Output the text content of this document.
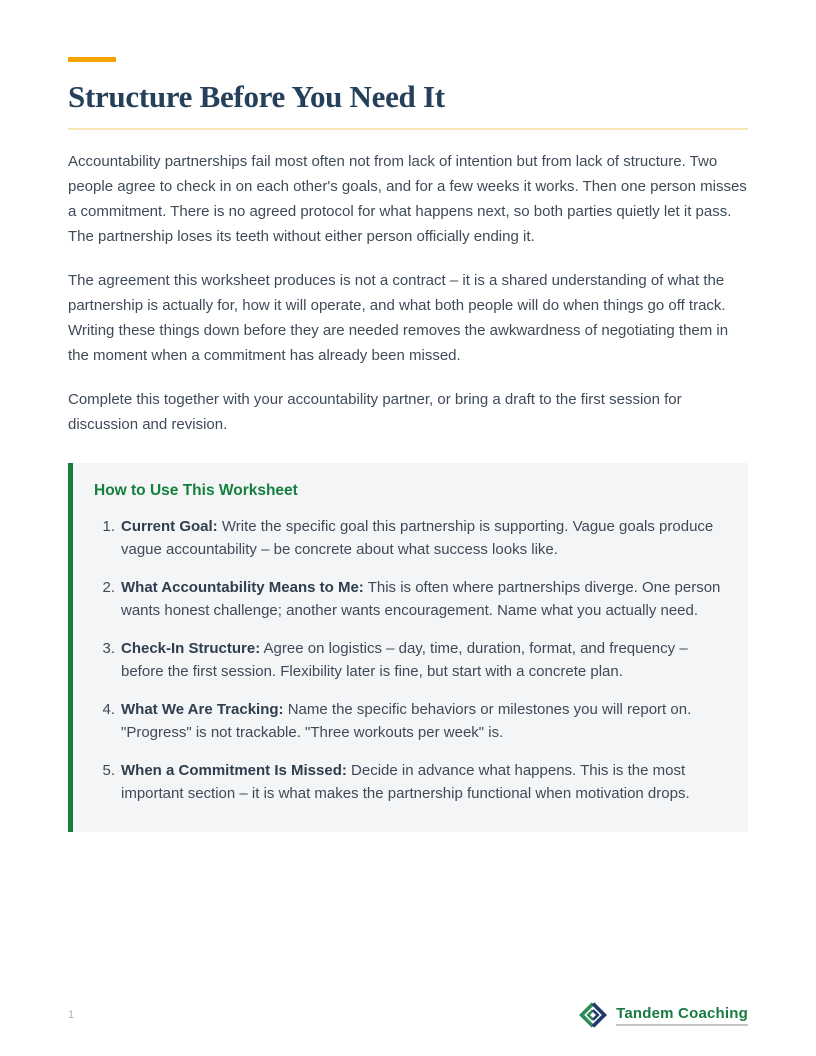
Structure Before You Need It

Accountability partnerships fail most often not from lack of intention but from lack of structure. Two people agree to check in on each other's goals, and for a few weeks it works. Then one person misses a commitment. There is no agreed protocol for what happens next, so both parties quietly let it pass. The partnership loses its teeth without either person officially ending it.

The agreement this worksheet produces is not a contract – it is a shared understanding of what the partnership is actually for, how it will operate, and what both people will do when things go off track. Writing these things down before they are needed removes the awkwardness of negotiating them in the moment when a commitment has already been missed.

Complete this together with your accountability partner, or bring a draft to the first session for discussion and revision.

How to Use This Worksheet
1. Current Goal: Write the specific goal this partnership is supporting. Vague goals produce vague accountability – be concrete about what success looks like.
2. What Accountability Means to Me: This is often where partnerships diverge. One person wants honest challenge; another wants encouragement. Name what you actually need.
3. Check-In Structure: Agree on logistics – day, time, duration, format, and frequency – before the first session. Flexibility later is fine, but start with a concrete plan.
4. What We Are Tracking: Name the specific behaviors or milestones you will report on. "Progress" is not trackable. "Three workouts per week" is.
5. When a Commitment Is Missed: Decide in advance what happens. This is the most important section – it is what makes the partnership functional when motivation drops.
1	Tandem Coaching
